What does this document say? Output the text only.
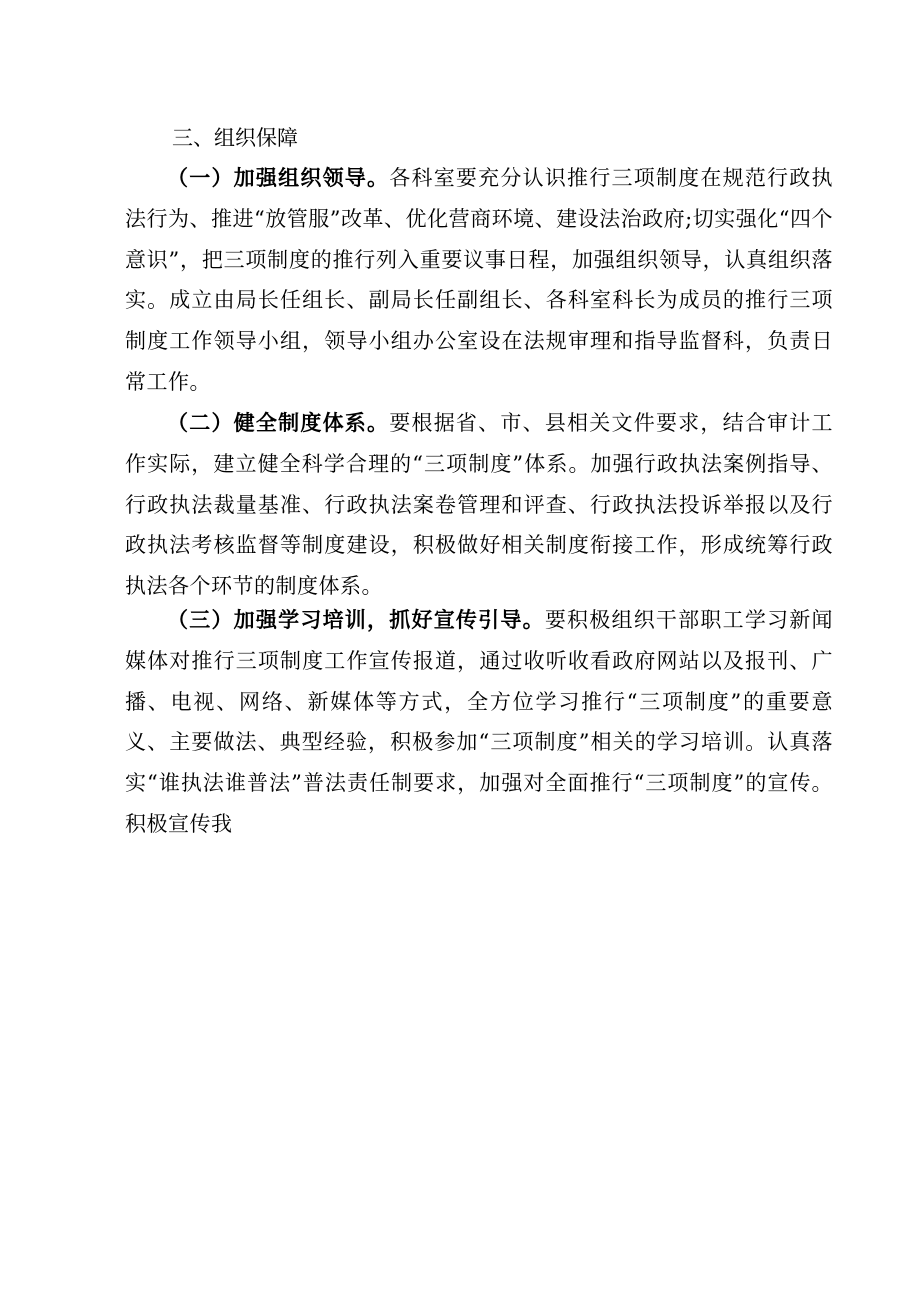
三、组织保障

（一）加强组织领导。各科室要充分认识推行三项制度在规范行政执法行为、推进“放管服”改革、优化营商环境、建设法治政府;切实强化“四个意识”，把三项制度的推行列入重要议事日程，加强组织领导，认真组织落实。成立由局长任组长、副局长任副组长、各科室科长为成员的推行三项制度工作领导小组，领导小组办公室设在法规审理和指导监督科，负责日常工作。

（二）健全制度体系。要根据省、市、县相关文件要求，结合审计工作实际，建立健全科学合理的“三项制度”体系。加强行政执法案例指导、行政执法裁量基准、行政执法案卷管理和评查、行政执法投诉举报以及行政执法考核监督等制度建设，积极做好相关制度衔接工作，形成统筹行政执法各个环节的制度体系。

（三）加强学习培训，抓好宣传引导。要积极组织干部职工学习新闻媒体对推行三项制度工作宣传报道，通过收听收看政府网站以及报刊、广播、电视、网络、新媒体等方式，全方位学习推行“三项制度”的重要意义、主要做法、典型经验，积极参加“三项制度”相关的学习培训。认真落实“谁执法谁普法”普法责任制要求，加强对全面推行“三项制度”的宣传。积极宣传我
